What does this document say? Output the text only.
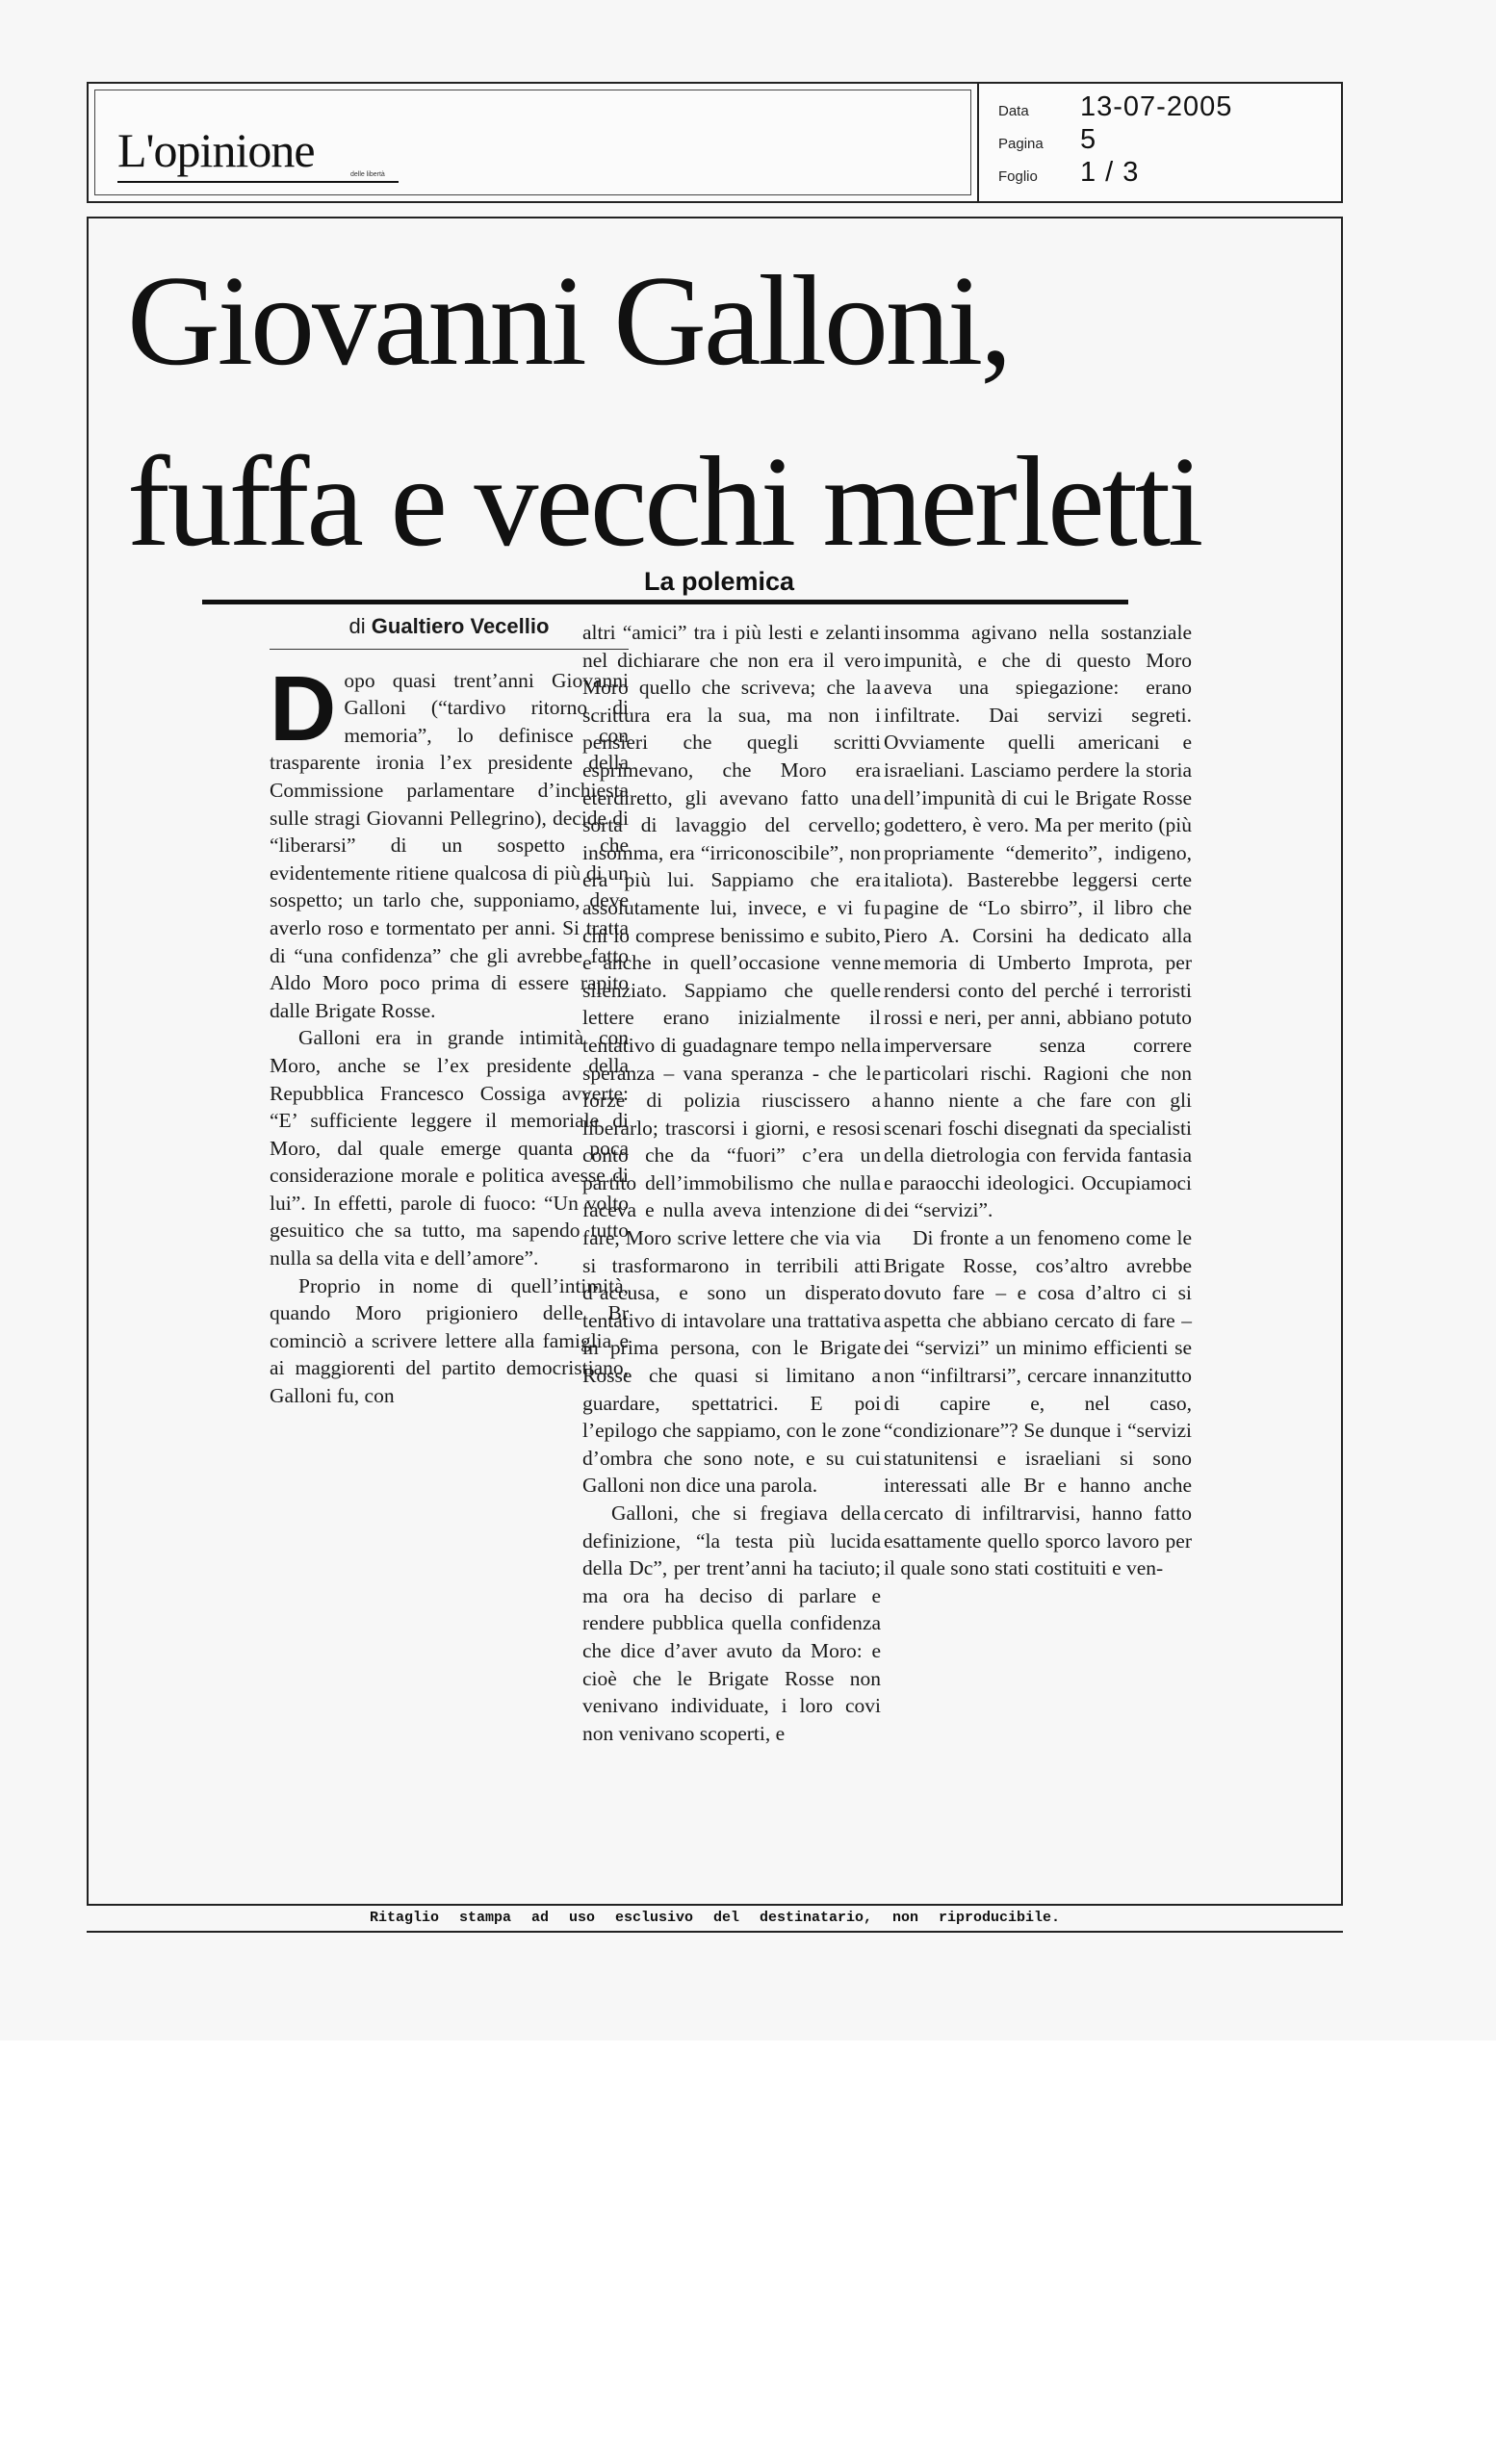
L'opinione	delle libertà
Data	13-07-2005
Pagina	5
Foglio	1 / 3
Giovanni Galloni,
fuffa e vecchi merletti
La polemica
di Gualtiero Vecellio

Dopo quasi trent’anni Giovanni Galloni (“tardivo ritorno di memoria”, lo definisce con trasparente ironia l’ex presidente della Commissione parlamentare d’inchiesta sulle stragi Giovanni Pellegrino), decide di “liberarsi” di un sospetto che evidentemente ritiene qualcosa di più di un sospetto; un tarlo che, supponiamo, deve averlo roso e tormentato per anni. Si tratta di “una confidenza” che gli avrebbe fatto Aldo Moro poco prima di essere rapito dalle Brigate Rosse.

Galloni era in grande intimità con Moro, anche se l’ex presidente della Repubblica Francesco Cossiga avverte: “E’ sufficiente leggere il memoriale di Moro, dal quale emerge quanta poca considerazione morale e politica avesse di lui”. In effetti, parole di fuoco: “Un volto gesuitico che sa tutto, ma sapendo tutto nulla sa della vita e dell’amore”.

Proprio in nome di quell’intimità, quando Moro prigioniero delle Br cominciò a scrivere lettere alla famiglia e ai maggiorenti del partito democristiano, Galloni fu, con

altri “amici” tra i più lesti e zelanti nel dichiarare che non era il vero Moro quello che scriveva; che la scrittura era la sua, ma non i pensieri che quegli scritti esprimevano, che Moro era eterdiretto, gli avevano fatto una sorta di lavaggio del cervello; insomma, era “irriconoscibile”, non era più lui. Sappiamo che era assolutamente lui, invece, e vi fu chi lo comprese benissimo e subito, e anche in quell’occasione venne silenziato. Sappiamo che quelle lettere erano inizialmente il tentativo di guadagnare tempo nella speranza – vana speranza - che le forze di polizia riuscissero a liberarlo; trascorsi i giorni, e resosi conto che da “fuori” c’era un partito dell’immobilismo che nulla faceva e nulla aveva intenzione di fare, Moro scrive lettere che via via si trasformarono in terribili atti d’accusa, e sono un disperato tentativo di intavolare una trattativa in prima persona, con le Brigate Rosse che quasi si limitano a guardare, spettatrici. E poi l’epilogo che sappiamo, con le zone d’ombra che sono note, e su cui Galloni non dice una parola.

Galloni, che si fregiava della definizione, “la testa più lucida della Dc”, per trent’anni ha taciuto; ma ora ha deciso di parlare e rendere pubblica quella confidenza che dice d’aver avuto da Moro: e cioè che le Brigate Rosse non venivano individuate, i loro covi non venivano scoperti, e

insomma agivano nella sostanziale impunità, e che di questo Moro aveva una spiegazione: erano infiltrate. Dai servizi segreti. Ovviamente quelli americani e israeliani. Lasciamo perdere la storia dell’impunità di cui le Brigate Rosse godettero, è vero. Ma per merito (più propriamente “demerito”, indigeno, italiota). Basterebbe leggersi certe pagine de “Lo sbirro”, il libro che Piero A. Corsini ha dedicato alla memoria di Umberto Improta, per rendersi conto del perché i terroristi rossi e neri, per anni, abbiano potuto imperversare senza correre particolari rischi. Ragioni che non hanno niente a che fare con gli scenari foschi disegnati da specialisti della dietrologia con fervida fantasia e paraocchi ideologici. Occupiamoci dei “servizi”.

Di fronte a un fenomeno come le Brigate Rosse, cos’altro avrebbe dovuto fare – e cosa d’altro ci si aspetta che abbiano cercato di fare – dei “servizi” un minimo efficienti se non “infiltrarsi”, cercare innanzitutto di capire e, nel caso, “condizionare”? Se dunque i “servizi statunitensi e israeliani si sono interessati alle Br e hanno anche cercato di infiltrarvisi, hanno fatto esattamente quello sporco lavoro per il quale sono stati costituiti e ven-

Ritaglio stampa ad uso esclusivo del destinatario, non riproducibile.
